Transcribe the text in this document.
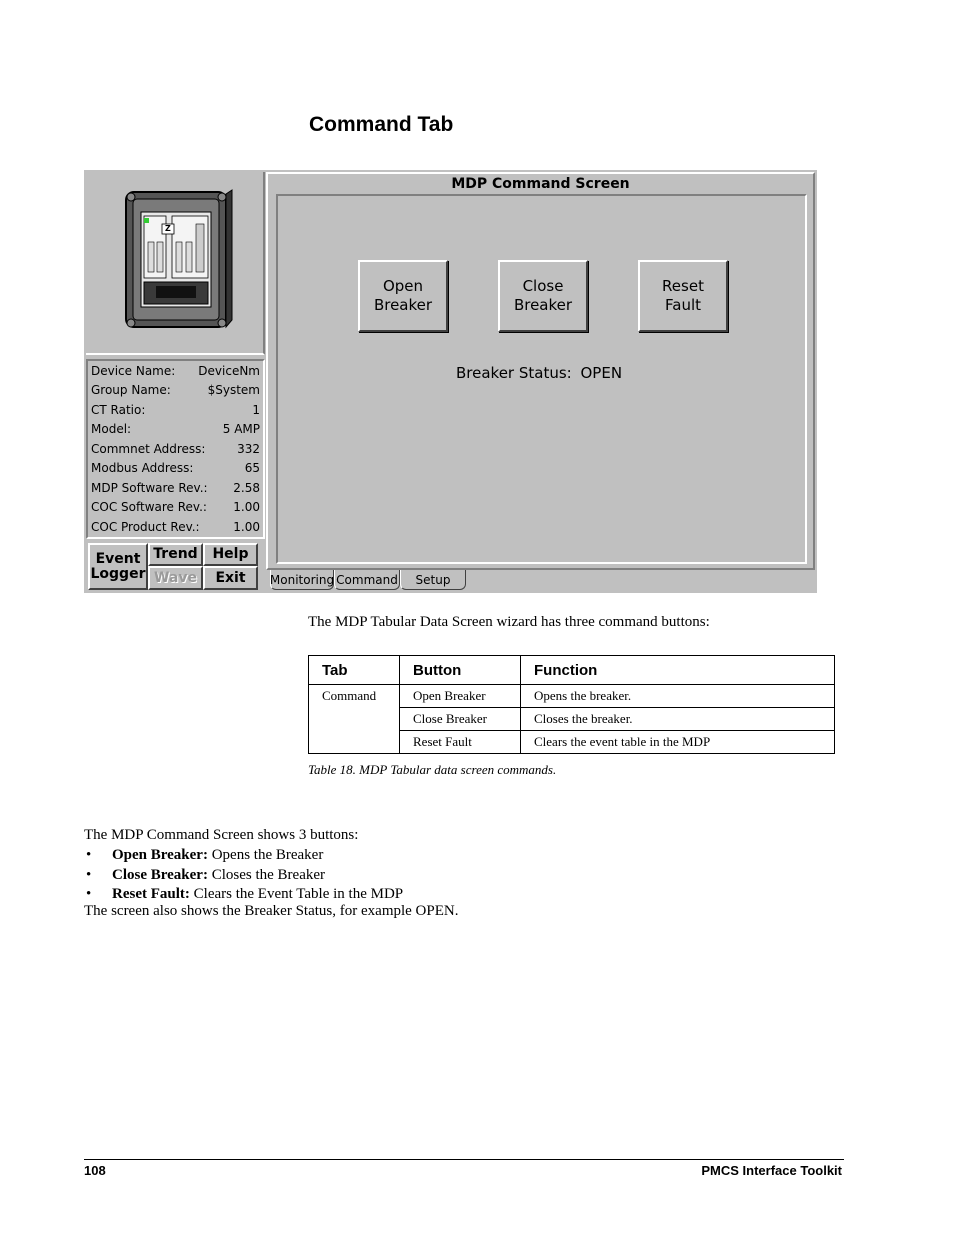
Command Tab
Z
Device Name: DeviceNm
Group Name:	$System
CT Ratio:	1
Model:	5 AMP
Commnet Address:	332
Modbus Address:	65
MDP Software Rev.: 2.58
COC Software Rev.: 1.00
COC Product Rev.:	1.00
Event
Logger
Trend	Help
Wave	Exit
MDP Command Screen
Open
Breaker
Close
Breaker
Reset
Fault
Breaker Status: OPEN
Monitoring Command	Setup
The MDP Tabular Data Screen wizard has three command buttons:
Tab	Button	Function
Command	Open Breaker	Opens the breaker.
	Close Breaker	Closes the breaker.
	Reset Fault	Clears the event table in the MDP
Table 18. MDP Tabular data screen commands.
The MDP Command Screen shows 3 buttons:
• Open Breaker: Opens the Breaker
• Close Breaker: Closes the Breaker
• Reset Fault: Clears the Event Table in the MDP
The screen also shows the Breaker Status, for example OPEN.
108	PMCS Interface Toolkit
